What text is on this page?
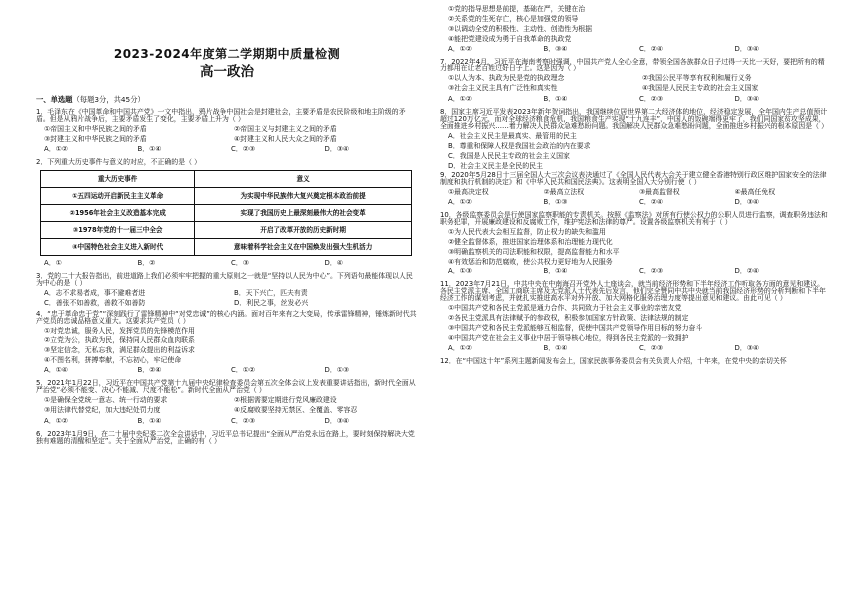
2023-2024年度第二学期期中质量检测
高一政治
一、单选题（每题3分，共45分）

1．毛泽东在《中国革命和中国共产党》一文中指出，鸦片战争中国社会是封建社会，主要矛盾是农民阶级和地主阶级的矛盾。但是从鸦片战争后，主要矛盾发生了变化，主要矛盾上升为（ ）

①帝国主义和中华民族之间的矛盾	②帝国主义与封建主义之间的矛盾
③封建主义和中华民族之间的矛盾	④封建主义和人民大众之间的矛盾
A．①②	B．①④	C．②③	D．③④

2．下列重大历史事件与意义的对应，不正确的是（ ）

重大历史事件	意义
①五四运动开启新民主主义革命	为实现中华民族伟大复兴奠定根本政治前提
②1956年社会主义改造基本完成	实现了我国历史上最深刻最伟大的社会变革
③1978年党的十一届三中全会	开启了改革开放的历史新时期
④中国特色社会主义进入新时代	意味着科学社会主义在中国焕发出强大生机活力
A．①	B．②	C．③	D．④

3．党的二十大报告指出，前进道路上我们必须牢牢把握的重大原则之一就是“坚持以人民为中心”。下列语句最能体现以人民为中心的是（ ）

A．志不求易者成，事不避难者进	B．天下兴亡，匹夫有责
C．善张不如善救，善救不如善防	D．利民之事，丝发必兴

4．“忠于革命忠于党”“深刻践行了雷锋精神中“对党忠诚”的核心内涵。面对百年来有之大变局，传承雷锋精神，锤炼新时代共产党员的忠诚品格意义重大。这要求共产党员（ ）

①对党忠诚，服务人民，发挥党员的先锋模范作用
②立党为公，执政为民，保持同人民群众血肉联系
③坚定信念，无私忘我，满足群众提出的利益诉求
④不图名利，拼搏奉献，不忘初心，牢记使命
A．①④	B．②④	C．①②	D．①③

5．2021年1月22日，习近平在中国共产党第十九届中央纪律检查委员会第五次全体会议上发表重要讲话指出，新时代全面从严治党“必须不能变、决心不能减、尺度不能松”。新时代全面从严治党（ ）

①是确保全党统一意志、统一行动的要求	②根据需要定期进行党风廉政建设
③用法律代替党纪，加大违纪处罚力度	④反腐败要坚持无禁区、全覆盖、零容忍
A．①②	B．①④	C．②③	D．③④

6．2023年1月9日，在二十届中央纪委二次全会讲话中，习近平总书记提出“全面从严治党永远在路上，要时刻保持解决大党独有难题的清醒和坚定”。关于全面从严治党，正确的有（ ）

①党的指导思想是前提，基础在严，关键在治
②关系党的生死存亡，核心是加强党的领导
③以调动全党的积极性、主动性、创造性为根据
④能把党建设成为勇于自我革命的执政党
A．①②	B．③④	C．②④	D．③④

7．2022年4月，习近平在海南考察时强调，中国共产党人全心全意，带领全国各族群众日子过得一天比一天好，要把所有的精力都用在让老百姓过好日子上。这是因为（ ）

①以人为本、执政为民是党的执政理念	②我国公民平等享有权利和履行义务
③社会主义民主具有广泛性和真实性	④我国是人民民主专政的社会主义国家
A．①②	B．①④	C．②③	D．③④

8．国家主席习近平发表2023年新年贺词指出，我国继续位居世界第二大经济体的地位，经济稳定发展，全年国内生产总值预计超过120万亿元，而对全球经济粮食危机，我国粮食生产实现“十九连丰”，中国人的饭碗端得更牢了，我们同国家贫攻坚成果，全面推进乡村振兴……着力解决人民群众急难愁盼问题。我国解决人民群众急难愁盼问题，全面推进乡村振兴的根本原因是（ ）

A．社会主义民主是最真实、最管用的民主
B．尊重和保障人权是我国社会政治的内在要求
C．我国是人民民主专政的社会主义国家
D．社会主义民主是全民的民主

9．2020年5月28日十三届全国人大三次会议表决通过了《全国人民代表大会关于建立健全香港特别行政区维护国家安全的法律制度和执行机制的决定》和《中华人民共和国民法典》。这表明全国人大分别行使（ ）

①最高决定权	②最高立法权	③最高监督权	④最高任免权
A．①②	B．①③	C．②④	D．③④

10．各级监察委员会是行使国家监察职能的专责机关。按照《监察法》对所有行使公权力的公职人员进行监察，调查职务违法和职务犯罪，开展廉政建设和反腐败工作，维护宪法和法律的尊严。设置各级监察机关有利于（ ）

①为人民代表大会相互监督，防止权力的缺失和滥用
②健全监督体系，推进国家治理体系和治理能力现代化
③明确监察机关的司法职能和权限，提高监督能力和水平
④有效惩治和防范腐败，使公共权力更好地为人民服务
A．①③	B．①④	C．②③	D．②④

11．2023年7月21日，中共中央在中南海召开党外人士座谈会，就当前经济形势和下半年经济工作听取各方面的意见和建议。各民主党派主席、全国工商联主席及无党派人士代表先后发言，他们完全赞同中共中央就当前我国经济形势的分析判断和下半年经济工作的谋划考虑，并就扎实推进高水平对外开放、加大网格化服务治理力度等提出意见和建议。由此可见（ ）

①中国共产党和各民主党派是通力合作、共同致力于社会主义事业的亲密友党
②各民主党派具有法律赋予的参政权，积极参加国家方针政策、法律法规的制定
③中国共产党和各民主党派能够互相监督，促使中国共产党领导作用目标的努力奋斗
④中国共产党在社会主义事业中居于领导核心地位，得到各民主党派的一致拥护
A．①②	B．①④	C．②③	D．③④

12．在“中国这十年”系列主题新闻发布会上，国家民族事务委员会有关负责人介绍，十年来，在党中央的亲切关怀
